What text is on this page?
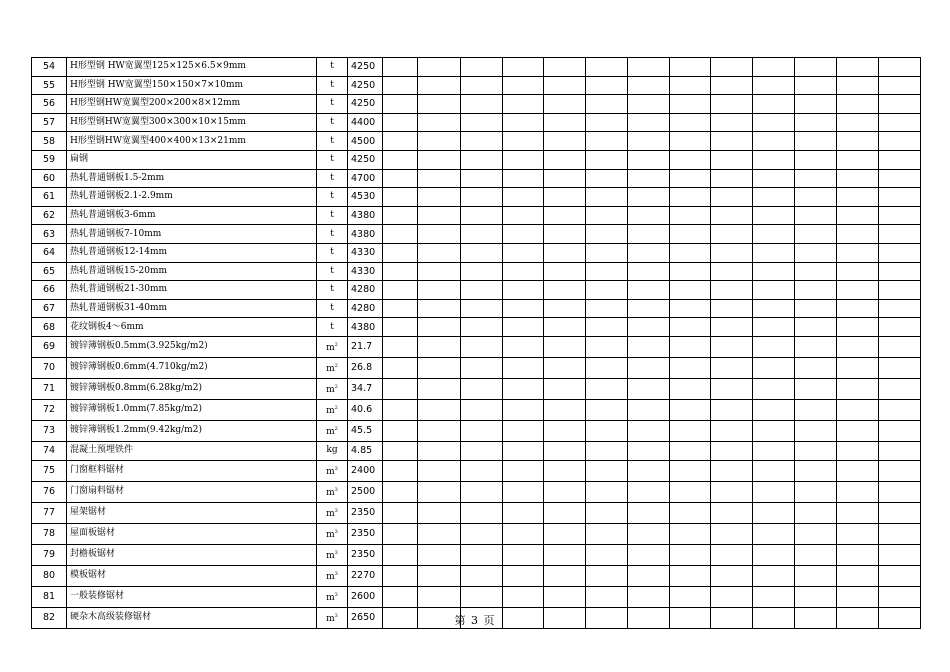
54	H形型钢 HW宽翼型125×125×6.5×9mm	t	4250													
55	H形型钢 HW宽翼型150×150×7×10mm	t	4250													
56	H形型钢HW宽翼型200×200×8×12mm	t	4250													
57	H形型钢HW宽翼型300×300×10×15mm	t	4400													
58	H形型钢HW宽翼型400×400×13×21mm	t	4500													
59	扁钢	t	4250													
60	热轧普通钢板1.5-2mm	t	4700													
61	热轧普通钢板2.1-2.9mm	t	4530													
62	热轧普通钢板3-6mm	t	4380													
63	热轧普通钢板7-10mm	t	4380													
64	热轧普通钢板12-14mm	t	4330													
65	热轧普通钢板15-20mm	t	4330													
66	热轧普通钢板21-30mm	t	4280													
67	热轧普通钢板31-40mm	t	4280													
68	花纹钢板4～6mm	t	4380													
69	镀锌簿钢板0.5mm(3.925kg/m2)	$m^2$	21.7													
70	镀锌簿钢板0.6mm(4.710kg/m2)	$m^2$	26.8													
71	镀锌簿钢板0.8mm(6.28kg/m2)	$m^2$	34.7													
72	镀锌簿钢板1.0mm(7.85kg/m2)	$m^2$	40.6													
73	镀锌簿钢板1.2mm(9.42kg/m2)	$m^2$	45.5													
74	混凝土预埋铁件	kg	4.85													
75	门窗框料锯材	$m^3$	2400													
76	门窗扇料锯材	$m^3$	2500													
77	屋架锯材	$m^3$	2350													
78	屋面板锯材	$m^3$	2350													
79	封檐板锯材	$m^3$	2350													
80	模板锯材	$m^3$	2270													
81	一般装修锯材	$m^3$	2600													
82	硬杂木高级装修锯材	$m^3$	2650														第 3 页
